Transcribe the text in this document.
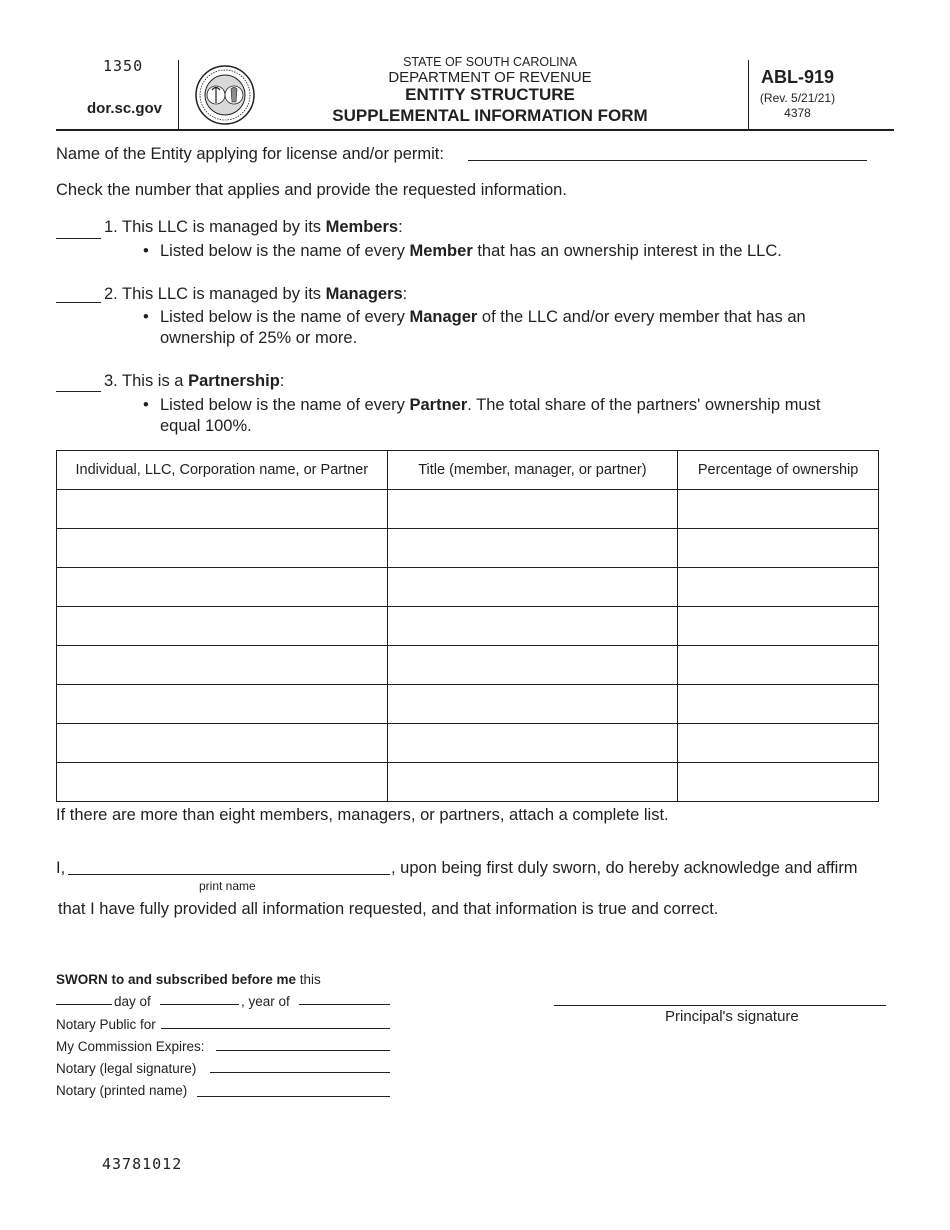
1350
dor.sc.gov
STATE OF SOUTH CAROLINA
DEPARTMENT OF REVENUE
ENTITY STRUCTURE
SUPPLEMENTAL INFORMATION FORM
ABL-919
(Rev. 5/21/21)
4378
Name of the Entity applying for license and/or permit:
Check the number that applies and provide the requested information.
1. This LLC is managed by its Members:
• Listed below is the name of every Member that has an ownership interest in the LLC.
2. This LLC is managed by its Managers:
• Listed below is the name of every Manager of the LLC and/or every member that has an
ownership of 25% or more.
3. This is a Partnership:
• Listed below is the name of every Partner. The total share of the partners' ownership must
equal 100%.
Individual, LLC, Corporation name, or Partner	Title (member, manager, or partner)	Percentage of ownership

If there are more than eight members, managers, or partners, attach a complete list.
I,	, upon being first duly sworn, do hereby acknowledge and affirm
print name
that I have fully provided all information requested, and that information is true and correct.
SWORN to and subscribed before me this
day of	, year of
Notary Public for
My Commission Expires:
Notary (legal signature)
Notary (printed name)
Principal's signature
43781012
